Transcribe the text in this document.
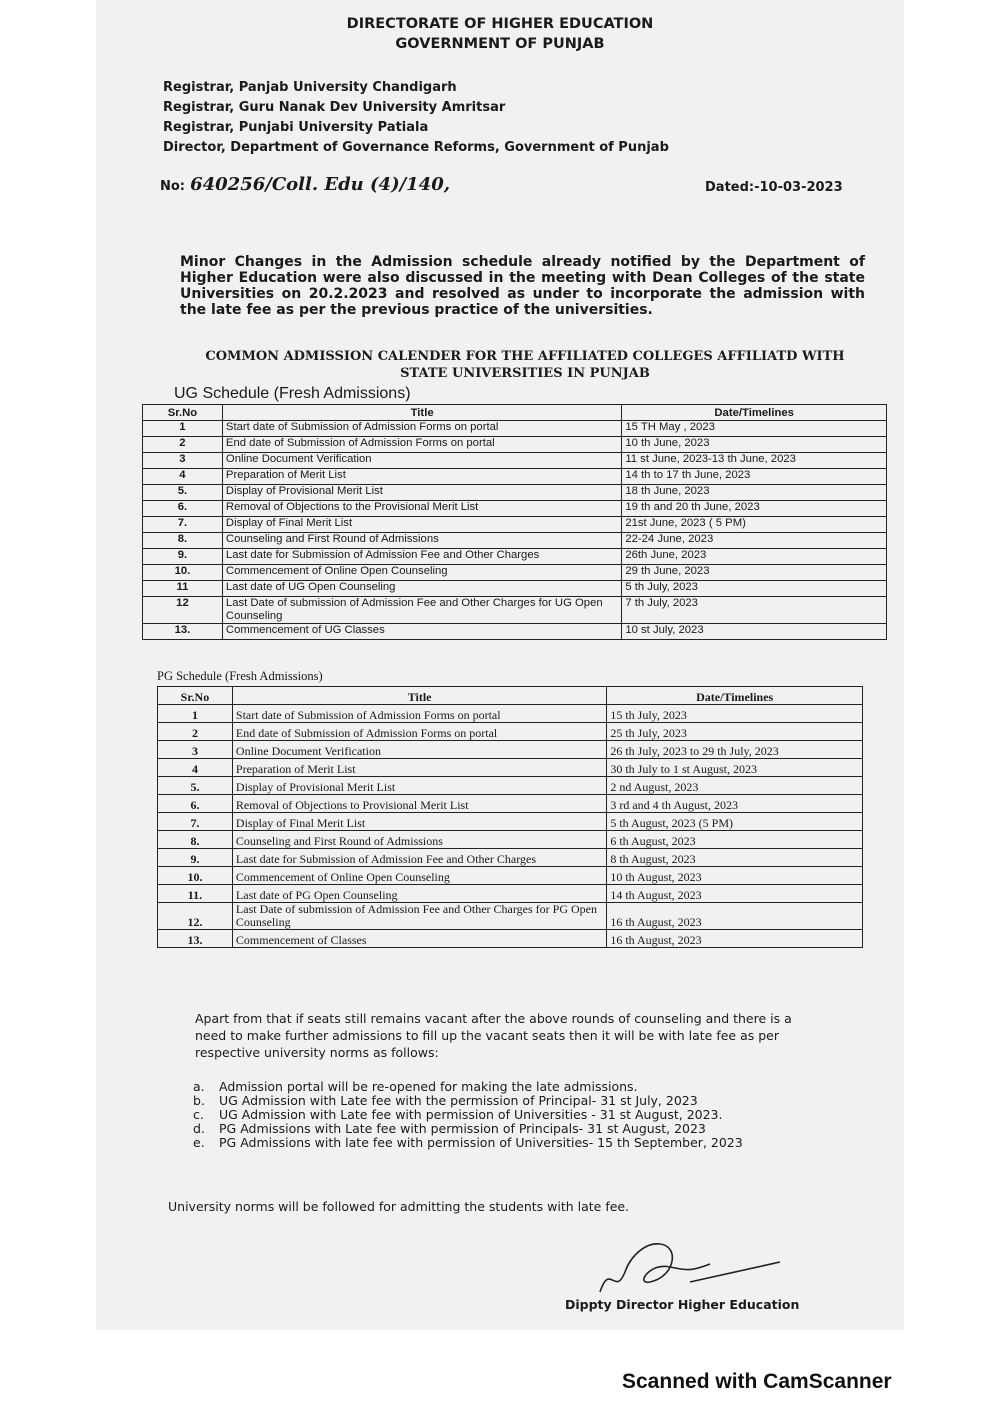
DIRECTORATE OF HIGHER EDUCATION
GOVERNMENT OF PUNJAB
Registrar, Panjab University Chandigarh
Registrar, Guru Nanak Dev University Amritsar
Registrar, Punjabi University Patiala
Director, Department of Governance Reforms, Government of Punjab
No: 640256/Coll. Edu (4)/140,	Dated:-10-03-2023
Minor Changes in the Admission schedule already notified by the Department of Higher Education were also discussed in the meeting with Dean Colleges of the state Universities on 20.2.2023 and resolved as under to incorporate the admission with the late fee as per the previous practice of the universities.
COMMON ADMISSION CALENDER FOR THE AFFILIATED COLLEGES AFFILIATD WITH
STATE UNIVERSITIES IN PUNJAB
UG Schedule (Fresh Admissions)
Sr.No	Title	Date/Timelines
1	Start date of Submission of Admission Forms on portal	15 TH May , 2023
2	End date of Submission of Admission Forms on portal	10 th June, 2023
3	Online Document Verification	11 st June, 2023-13 th June, 2023
4	Preparation of Merit List	14 th to 17 th June, 2023
5.	Display of Provisional Merit List	18 th June, 2023
6.	Removal of Objections to the Provisional Merit List	19 th and 20 th June, 2023
7.	Display of Final Merit List	21st June, 2023 ( 5 PM)
8.	Counseling and First Round of Admissions	22-24 June, 2023
9.	Last date for Submission of Admission Fee and Other Charges	26th June, 2023
10.	Commencement of Online Open Counseling	29 th June, 2023
11	Last date of UG Open Counseling	5 th July, 2023
12	Last Date of submission of Admission Fee and Other Charges for UG Open Counseling	7 th July, 2023
13.	Commencement of UG Classes	10 st July, 2023
PG Schedule (Fresh Admissions)
Sr.No	Title	Date/Timelines
1	Start date of Submission of Admission Forms on portal	15 th July, 2023
2	End date of Submission of Admission Forms on portal	25 th July, 2023
3	Online Document Verification	26 th July, 2023 to 29 th July, 2023
4	Preparation of Merit List	30 th July to 1 st August, 2023
5.	Display of Provisional Merit List	2 nd August, 2023
6.	Removal of Objections to Provisional Merit List	3 rd and 4 th August, 2023
7.	Display of Final Merit List	5 th August, 2023 (5 PM)
8.	Counseling and First Round of Admissions	6 th August, 2023
9.	Last date for Submission of Admission Fee and Other Charges	8 th August, 2023
10.	Commencement of Online Open Counseling	10 th August, 2023
11.	Last date of PG Open Counseling	14 th August, 2023
12.	Last Date of submission of Admission Fee and Other Charges for PG Open Counseling	16 th August, 2023
13.	Commencement of Classes	16 th August, 2023
Apart from that if seats still remains vacant after the above rounds of counseling and there is a need to make further admissions to fill up the vacant seats then it will be with late fee as per respective university norms as follows:
a.	Admission portal will be re-opened for making the late admissions.
b.	UG Admission with Late fee with the permission of Principal- 31 st July, 2023
c.	UG Admission with Late fee with permission of Universities - 31 st August, 2023.
d.	PG Admissions with Late fee with permission of Principals- 31 st August, 2023
e.	PG Admissions with late fee with permission of Universities- 15 th September, 2023
University norms will be followed for admitting the students with late fee.
Dippty Director Higher Education
Scanned with CamScanner
